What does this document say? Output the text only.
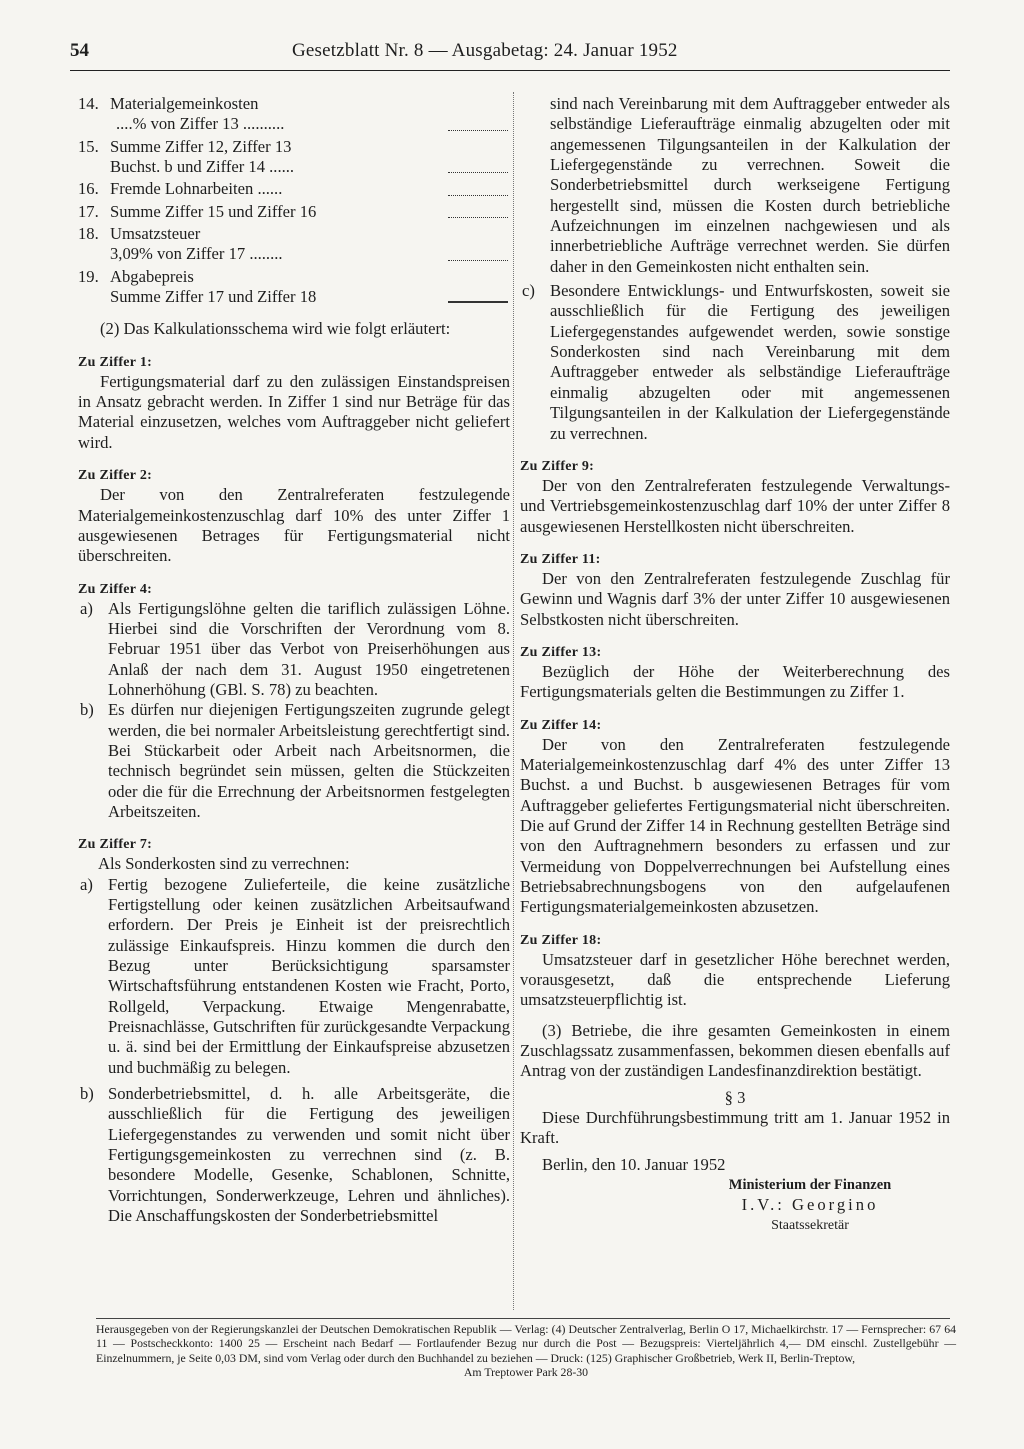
54	Gesetzblatt Nr. 8 — Ausgabetag: 24. Januar 1952
14. Materialgemeinkosten
....% von Ziffer 13 ..........
15. Summe Ziffer 12, Ziffer 13
Buchst. b und Ziffer 14 ......
16. Fremde Lohnarbeiten ......
17. Summe Ziffer 15 und Ziffer 16
18. Umsatzsteuer
3,09% von Ziffer 17 ........
19. Abgabepreis
Summe Ziffer 17 und Ziffer 18

(2) Das Kalkulationsschema wird wie folgt erläutert:

Zu Ziffer 1:

Fertigungsmaterial darf zu den zulässigen Einstandspreisen in Ansatz gebracht werden. In Ziffer 1 sind nur Beträge für das Material einzusetzen, welches vom Auftraggeber nicht geliefert wird.

Zu Ziffer 2:

Der von den Zentralreferaten festzulegende Materialgemeinkostenzuschlag darf 10% des unter Ziffer 1 ausgewiesenen Betrages für Fertigungsmaterial nicht überschreiten.

Zu Ziffer 4:
a) Als Fertigungslöhne gelten die tariflich zulässigen Löhne. Hierbei sind die Vorschriften der Verordnung vom 8. Februar 1951 über das Verbot von Preiserhöhungen aus Anlaß der nach dem 31. August 1950 eingetretenen Lohnerhöhung (GBl. S. 78) zu beachten.
b) Es dürfen nur diejenigen Fertigungszeiten zugrunde gelegt werden, die bei normaler Arbeitsleistung gerechtfertigt sind. Bei Stückarbeit oder Arbeit nach Arbeitsnormen, die technisch begründet sein müssen, gelten die Stückzeiten oder die für die Errechnung der Arbeitsnormen festgelegten Arbeitszeiten.
Zu Ziffer 7:

Als Sonderkosten sind zu verrechnen:

a) Fertig bezogene Zulieferteile, die keine zusätzliche Fertigstellung oder keinen zusätzlichen Arbeitsaufwand erfordern. Der Preis je Einheit ist der preisrechtlich zulässige Einkaufspreis. Hinzu kommen die durch den Bezug unter Berücksichtigung sparsamster Wirtschaftsführung entstandenen Kosten wie Fracht, Porto, Rollgeld, Verpackung. Etwaige Mengenrabatte, Preisnachlässe, Gutschriften für zurückgesandte Verpackung u. ä. sind bei der Ermittlung der Einkaufspreise abzusetzen und buchmäßig zu belegen.
b) Sonderbetriebsmittel, d. h. alle Arbeitsgeräte, die ausschließlich für die Fertigung des jeweiligen Liefergegenstandes zu verwenden und somit nicht über Fertigungsgemeinkosten zu verrechnen sind (z. B. besondere Modelle, Gesenke, Schablonen, Schnitte, Vorrichtungen, Sonderwerkzeuge, Lehren und ähnliches). Die Anschaffungskosten der Sonderbetriebsmittel
sind nach Vereinbarung mit dem Auftraggeber entweder als selbständige Lieferaufträge einmalig abzugelten oder mit angemessenen Tilgungsanteilen in der Kalkulation der Liefergegenstände zu verrechnen. Soweit die Sonderbetriebsmittel durch werkseigene Fertigung hergestellt sind, müssen die Kosten durch betriebliche Aufzeichnungen im einzelnen nachgewiesen und als innerbetriebliche Aufträge verrechnet werden. Sie dürfen daher in den Gemeinkosten nicht enthalten sein.
c) Besondere Entwicklungs- und Entwurfskosten, soweit sie ausschließlich für die Fertigung des jeweiligen Liefergegenstandes aufgewendet werden, sowie sonstige Sonderkosten sind nach Vereinbarung mit dem Auftraggeber entweder als selbständige Lieferaufträge einmalig abzugelten oder mit angemessenen Tilgungsanteilen in der Kalkulation der Liefergegenstände zu verrechnen.
Zu Ziffer 9:

Der von den Zentralreferaten festzulegende Verwaltungs- und Vertriebsgemeinkostenzuschlag darf 10% der unter Ziffer 8 ausgewiesenen Herstellkosten nicht überschreiten.

Zu Ziffer 11:

Der von den Zentralreferaten festzulegende Zuschlag für Gewinn und Wagnis darf 3% der unter Ziffer 10 ausgewiesenen Selbstkosten nicht überschreiten.

Zu Ziffer 13:

Bezüglich der Höhe der Weiterberechnung des Fertigungsmaterials gelten die Bestimmungen zu Ziffer 1.

Zu Ziffer 14:

Der von den Zentralreferaten festzulegende Materialgemeinkostenzuschlag darf 4% des unter Ziffer 13 Buchst. a und Buchst. b ausgewiesenen Betrages für vom Auftraggeber geliefertes Fertigungsmaterial nicht überschreiten. Die auf Grund der Ziffer 14 in Rechnung gestellten Beträge sind von den Auftragnehmern besonders zu erfassen und zur Vermeidung von Doppelverrechnungen bei Aufstellung eines Betriebsabrechnungsbogens von den aufgelaufenen Fertigungsmaterialgemeinkosten abzusetzen.

Zu Ziffer 18:

Umsatzsteuer darf in gesetzlicher Höhe berechnet werden, vorausgesetzt, daß die entsprechende Lieferung umsatzsteuerpflichtig ist.

(3) Betriebe, die ihre gesamten Gemeinkosten in einem Zuschlagssatz zusammenfassen, bekommen diesen ebenfalls auf Antrag von der zuständigen Landesfinanzdirektion bestätigt.

§ 3

Diese Durchführungsbestimmung tritt am 1. Januar 1952 in Kraft.

Berlin, den 10. Januar 1952

Ministerium der Finanzen

I.V.: Georgino

Staatssekretär

Herausgegeben von der Regierungskanzlei der Deutschen Demokratischen Republik — Verlag: (4) Deutscher Zentralverlag, Berlin O 17, Michaelkirchstr. 17 — Fernsprecher: 67 64 11 — Postscheckkonto: 1400 25 — Erscheint nach Bedarf — Fortlaufender Bezug nur durch die Post — Bezugspreis: Vierteljährlich 4,— DM einschl. Zustellgebühr — Einzelnummern, je Seite 0,03 DM, sind vom Verlag oder durch den Buchhandel zu beziehen — Druck: (125) Graphischer Großbetrieb, Werk II, Berlin-Treptow,
Am Treptower Park 28-30
